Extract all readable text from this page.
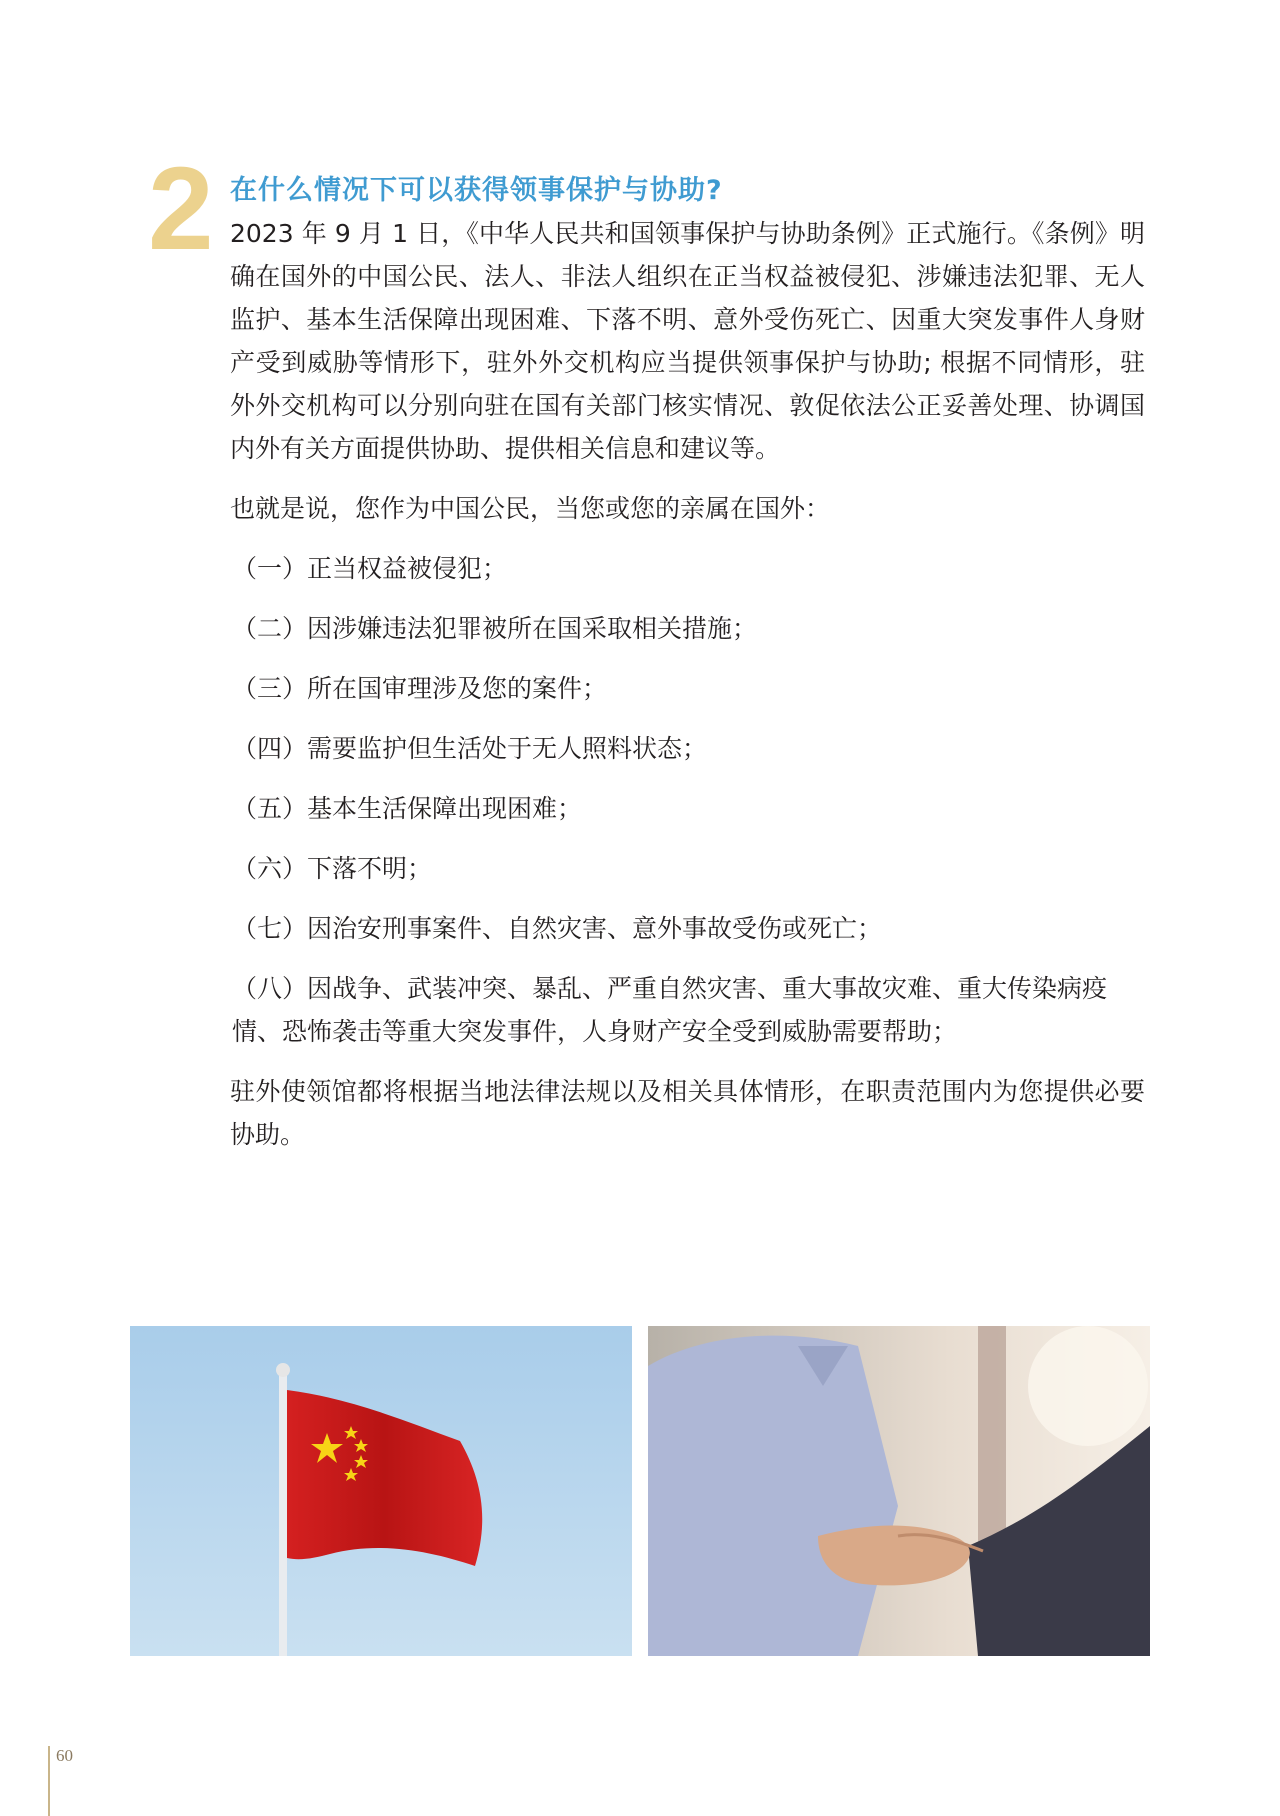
2 在什么情况下可以获得领事保护与协助?

2023 年 9 月 1 日，《中华人民共和国领事保护与协助条例》正式施行。《条例》明确在国外的中国公民、法人、非法人组织在正当权益被侵犯、涉嫌违法犯罪、无人监护、基本生活保障出现困难、下落不明、意外受伤死亡、因重大突发事件人身财产受到威胁等情形下，驻外外交机构应当提供领事保护与协助; 根据不同情形，驻外外交机构可以分别向驻在国有关部门核实情况、敦促依法公正妥善处理、协调国内外有关方面提供协助、提供相关信息和建议等。

也就是说，您作为中国公民，当您或您的亲属在国外：

（一）正当权益被侵犯；
（二）因涉嫌违法犯罪被所在国采取相关措施；
（三）所在国审理涉及您的案件；
（四）需要监护但生活处于无人照料状态；
（五）基本生活保障出现困难；
（六）下落不明；
（七）因治安刑事案件、自然灾害、意外事故受伤或死亡；
（八）因战争、武装冲突、暴乱、严重自然灾害、重大事故灾难、重大传染病疫情、恐怖袭击等重大突发事件，人身财产安全受到威胁需要帮助；

驻外使领馆都将根据当地法律法规以及相关具体情形，在职责范围内为您提供必要协助。

60
